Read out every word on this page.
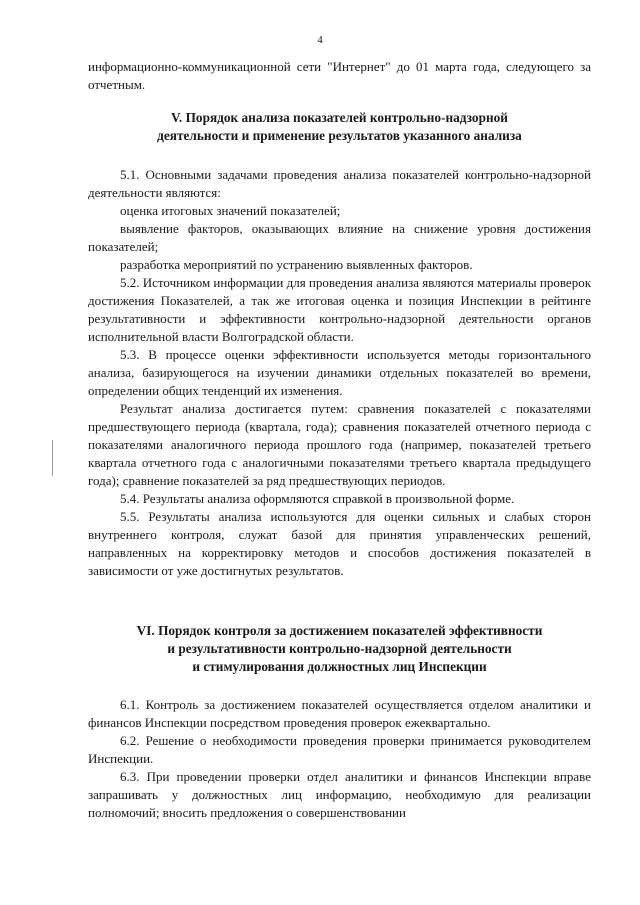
4

информационно-коммуникационной сети "Интернет" до 01 марта года, следующего за отчетным.

V. Порядок анализа показателей контрольно-надзорной
деятельности и применение результатов указанного анализа

5.1. Основными задачами проведения анализа показателей контрольно-надзорной деятельности являются:

оценка итоговых значений показателей;

выявление факторов, оказывающих влияние на снижение уровня достижения показателей;

разработка мероприятий по устранению выявленных факторов.

5.2. Источником информации для проведения анализа являются материалы проверок достижения Показателей, а так же итоговая оценка и позиция Инспекции в рейтинге результативности и эффективности контрольно-надзорной деятельности органов исполнительной власти Волгоградской области.

5.3. В процессе оценки эффективности используется методы горизонтального анализа, базирующегося на изучении динамики отдельных показателей во времени, определении общих тенденций их изменения.

Результат анализа достигается путем: сравнения показателей с показателями предшествующего периода (квартала, года); сравнения показателей отчетного периода с показателями аналогичного периода прошлого года (например, показателей третьего квартала отчетного года с аналогичными показателями третьего квартала предыдущего года); сравнение показателей за ряд предшествующих периодов.

5.4. Результаты анализа оформляются справкой в произвольной форме.

5.5. Результаты анализа используются для оценки сильных и слабых сторон внутреннего контроля, служат базой для принятия управленческих решений, направленных на корректировку методов и способов достижения показателей в зависимости от уже достигнутых результатов.

VI. Порядок контроля за достижением показателей эффективности
и результативности контрольно-надзорной деятельности
и стимулирования должностных лиц Инспекции

6.1. Контроль за достижением показателей осуществляется отделом аналитики и финансов Инспекции посредством проведения проверок ежеквартально.

6.2. Решение о необходимости проведения проверки принимается руководителем Инспекции.

6.3. При проведении проверки отдел аналитики и финансов Инспекции вправе запрашивать у должностных лиц информацию, необходимую для реализации полномочий; вносить предложения о совершенствовании
